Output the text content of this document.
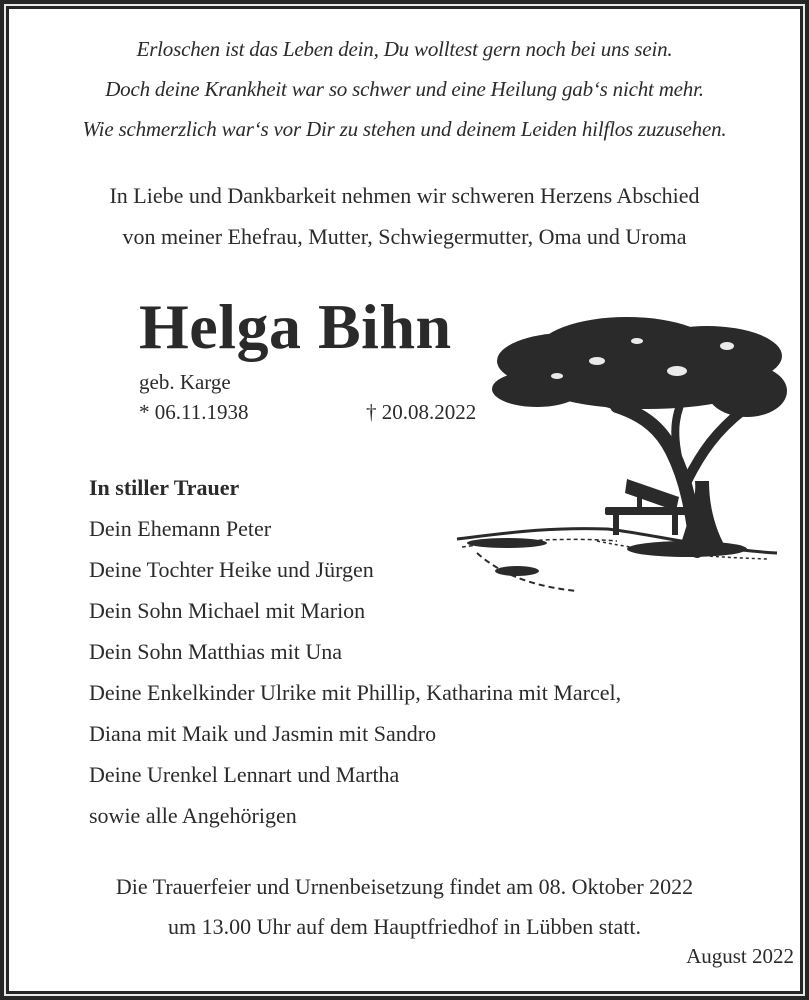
Erloschen ist das Leben dein, Du wolltest gern noch bei uns sein.
Doch deine Krankheit war so schwer und eine Heilung gab‘s nicht mehr.
Wie schmerzlich war‘s vor Dir zu stehen und deinem Leiden hilflos zuzusehen.
In Liebe und Dankbarkeit nehmen wir schweren Herzens Abschied
von meiner Ehefrau, Mutter, Schwiegermutter, Oma und Uroma
Helga Bihn
geb. Karge
* 06.11.1938	† 20.08.2022
In stiller Trauer
Dein Ehemann Peter
Deine Tochter Heike und Jürgen
Dein Sohn Michael mit Marion
Dein Sohn Matthias mit Una
Deine Enkelkinder Ulrike mit Phillip, Katharina mit Marcel,
Diana mit Maik und Jasmin mit Sandro
Deine Urenkel Lennart und Martha
sowie alle Angehörigen
Die Trauerfeier und Urnenbeisetzung findet am 08. Oktober 2022
um 13.00 Uhr auf dem Hauptfriedhof in Lübben statt.
August 2022
